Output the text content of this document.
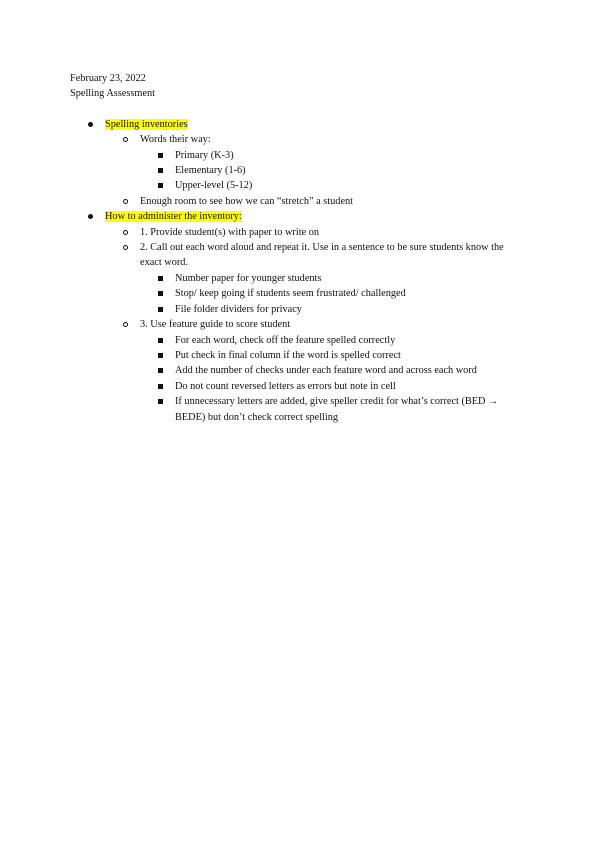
February 23, 2022
Spelling Assessment
Spelling inventories
Words their way:
Primary (K-3)
Elementary (1-6)
Upper-level (5-12)
Enough room to see how we can “stretch” a student
How to administer the inventory:
1. Provide student(s) with paper to write on
2. Call out each word aloud and repeat it. Use in a sentence to be sure students know the exact word.
Number paper for younger students
Stop/ keep going if students seem frustrated/ challenged
File folder dividers for privacy
3. Use feature guide to score student
For each word, check off the feature spelled correctly
Put check in final column if the word is spelled correct
Add the number of checks under each feature word and across each word
Do not count reversed letters as errors but note in cell
If unnecessary letters are added, give speller credit for what’s correct (BED → BEDE) but don’t check correct spelling
